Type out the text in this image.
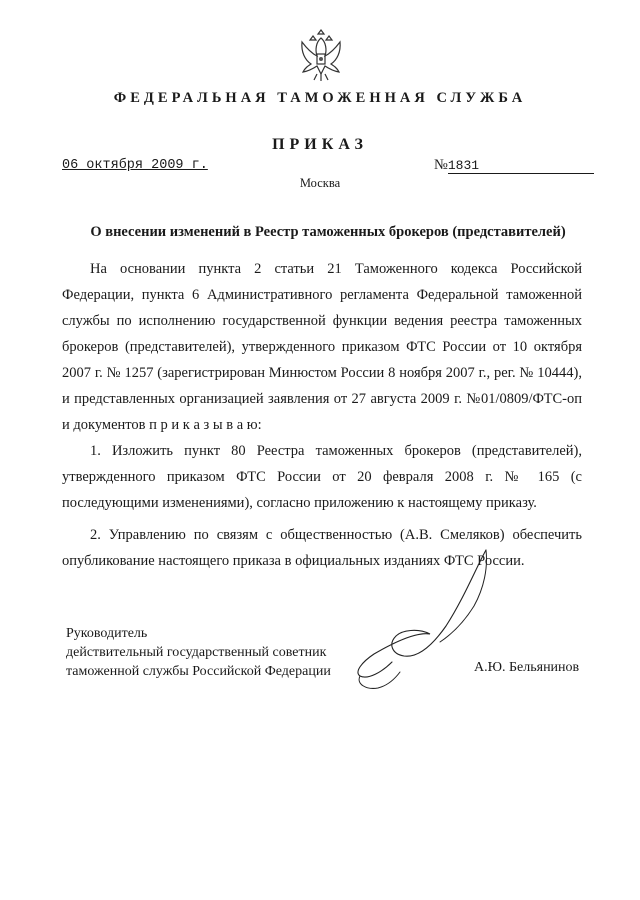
ФЕДЕРАЛЬНАЯ ТАМОЖЕННАЯ СЛУЖБА
ПРИКАЗ
06 октября 2009 г.	№1831
Москва
О внесении изменений в Реестр таможенных брокеров (представителей)

На основании пункта 2 статьи 21 Таможенного кодекса Российской Федерации, пункта 6 Административного регламента Федеральной таможенной службы по исполнению государственной функции ведения реестра таможенных брокеров (представителей), утвержденного приказом ФТС России от 10 октября 2007 г. № 1257 (зарегистрирован Минюстом России 8 ноября 2007 г., рег. № 10444), и представленных организацией заявления от 27 августа 2009 г. №01/0809/ФТС-оп и документов п р и к а з ы в а ю:

1. Изложить пункт 80 Реестра таможенных брокеров (представителей), утвержденного приказом ФТС России от 20 февраля 2008 г. № 165 (с последующими изменениями), согласно приложению к настоящему приказу.

2. Управлению по связям с общественностью (А.В. Смеляков) обеспечить опубликование настоящего приказа в официальных изданиях ФТС России.

Руководитель
действительный государственный советник
таможенной службы Российской Федерации	А.Ю. Бельянинов
